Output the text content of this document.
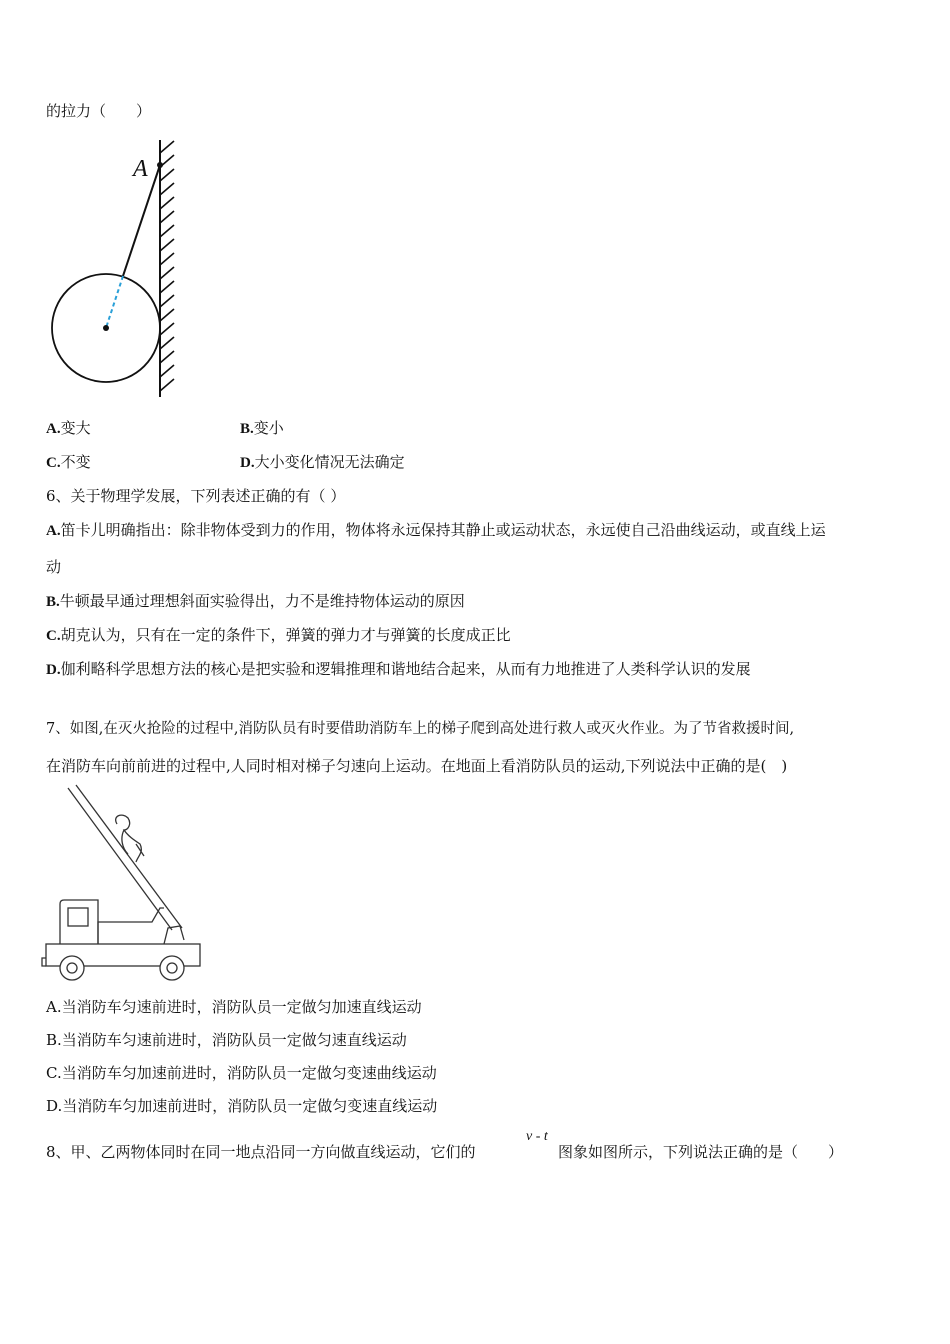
的拉力（　　）
A
A.变大	B.变小
C.不变	D.大小变化情况无法确定
6、关于物理学发展，下列表述正确的有（ ）
A.笛卡儿明确指出：除非物体受到力的作用，物体将永远保持其静止或运动状态，永远使自己沿曲线运动，或直线上运
动
B.牛顿最早通过理想斜面实验得出，力不是维持物体运动的原因
C.胡克认为，只有在一定的条件下，弹簧的弹力才与弹簧的长度成正比
D.伽利略科学思想方法的核心是把实验和逻辑推理和谐地结合起来，从而有力地推进了人类科学认识的发展
7、如图,在灭火抢险的过程中,消防队员有时要借助消防车上的梯子爬到高处进行救人或灭火作业。为了节省救援时间,
在消防车向前前进的过程中,人同时相对梯子匀速向上运动。在地面上看消防队员的运动,下列说法中正确的是(　)
A.当消防车匀速前进时，消防队员一定做匀加速直线运动
B.当消防车匀速前进时，消防队员一定做匀速直线运动
C.当消防车匀加速前进时，消防队员一定做匀变速曲线运动
D.当消防车匀加速前进时，消防队员一定做匀变速直线运动
8、甲、乙两物体同时在同一地点沿同一方向做直线运动，它们的
v - t
图象如图所示，下列说法正确的是（　　）
